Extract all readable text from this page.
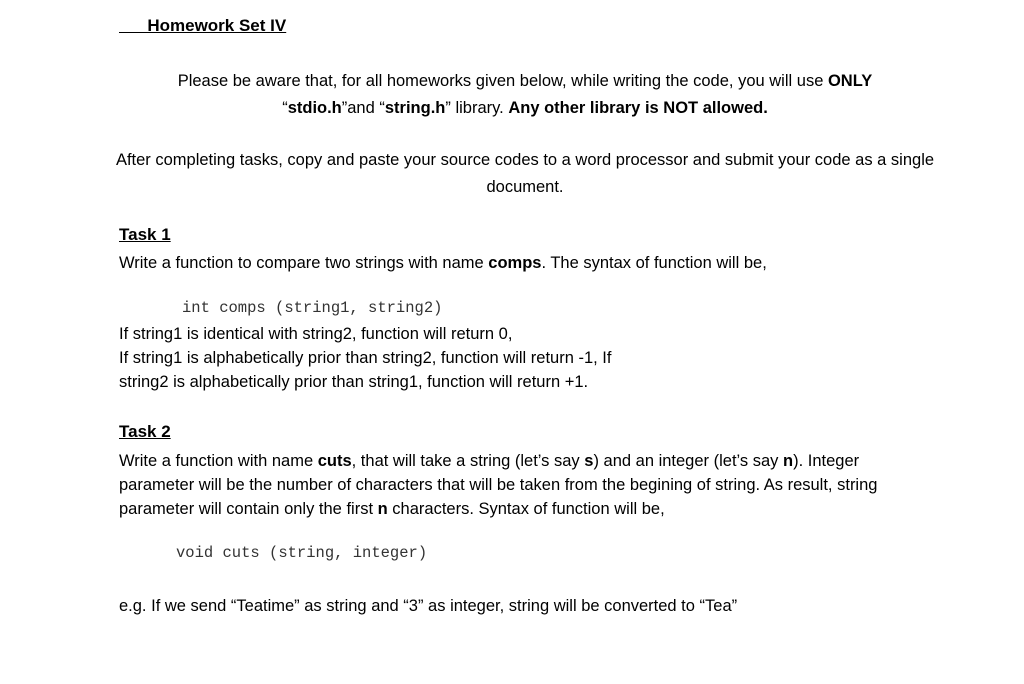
Homework Set IV
Please be aware that, for all homeworks given below, while writing the code, you will use ONLY
“stdio.h”and “string.h” library. Any other library is NOT allowed.
After completing tasks, copy and paste your source codes to a word processor and submit your code as a single document.
Task 1
Write a function to compare two strings with name comps. The syntax of function will be,
int comps (string1, string2)
If string1 is identical with string2, function will return 0,
If string1 is alphabetically prior than string2, function will return -1, If
string2 is alphabetically prior than string1, function will return +1.
Task 2
Write a function with name cuts, that will take a string (let’s say s) and an integer (let’s say n). Integer parameter will be the number of characters that will be taken from the begining of string. As result, string parameter will contain only the first n characters. Syntax of function will be,
void cuts (string, integer)
e.g. If we send “Teatime” as string and “3” as integer, string will be converted to “Tea”
